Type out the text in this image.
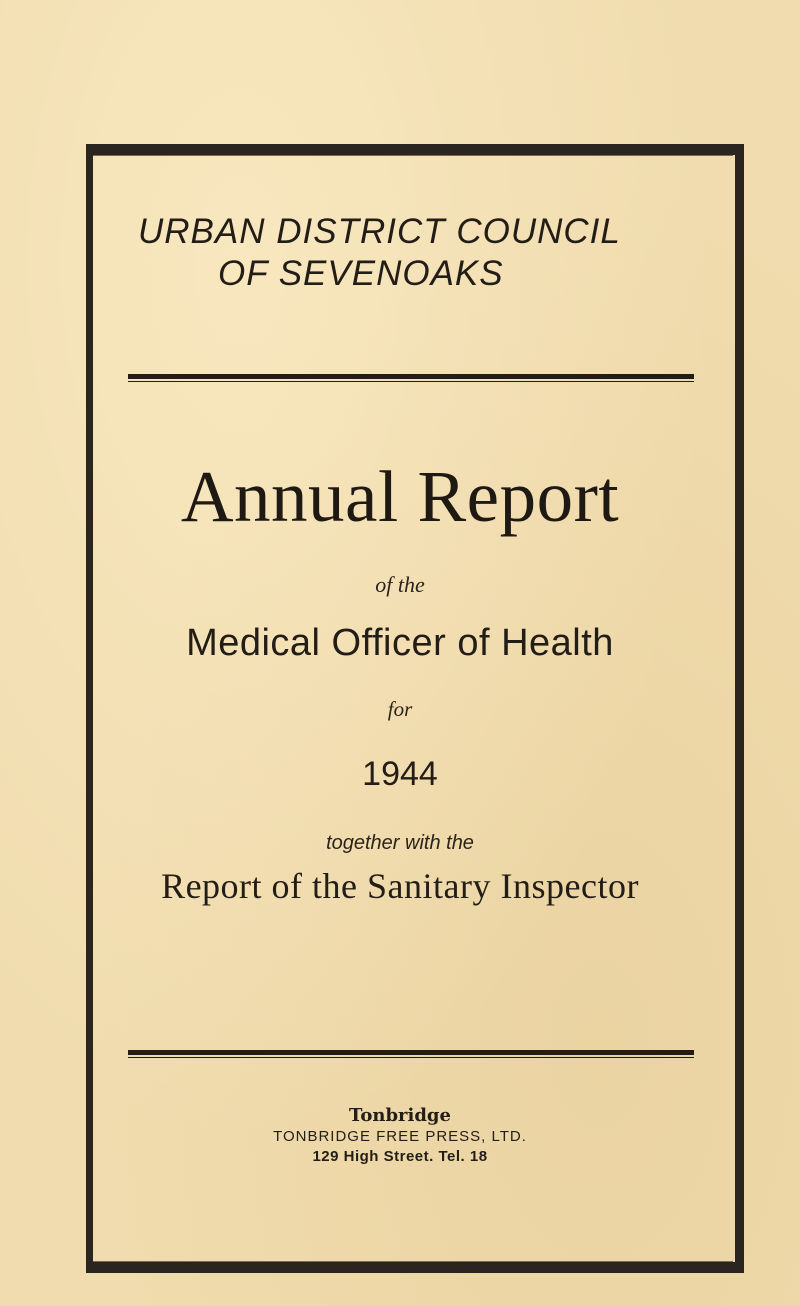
URBAN DISTRICT COUNCIL
OF SEVENOAKS
Annual Report
of the
Medical Officer of Health
for
1944
together with the
Report of the Sanitary Inspector
Tonbridge
TONBRIDGE FREE PRESS, LTD.
129 High Street. Tel. 18
